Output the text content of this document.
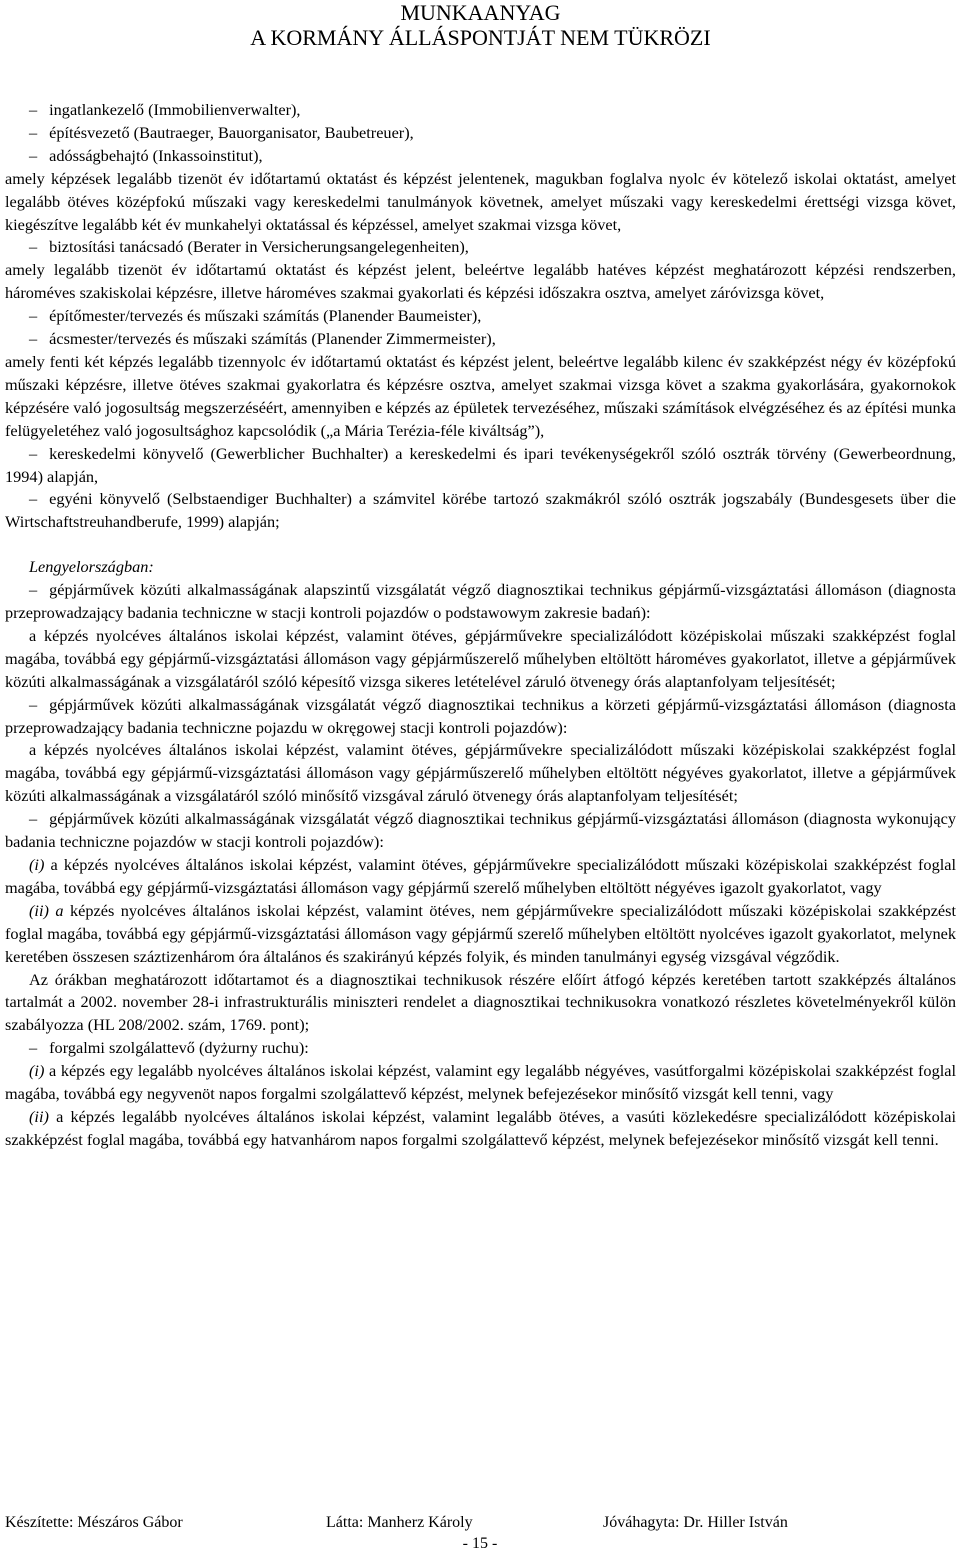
MUNKAANYAG
A KORMÁNY ÁLLÁSPONTJÁT NEM TÜKRÖZI

– ingatlankezelő (Immobilienverwalter),

– építésvezető (Bautraeger, Bauorganisator, Baubetreuer),

– adósságbehajtó (Inkassoinstitut),

amely képzések legalább tizenöt év időtartamú oktatást és képzést jelentenek, magukban foglalva nyolc év kötelező iskolai oktatást, amelyet legalább ötéves középfokú műszaki vagy kereskedelmi tanulmányok követnek, amelyet műszaki vagy kereskedelmi érettségi vizsga követ, kiegészítve legalább két év munkahelyi oktatással és képzéssel, amelyet szakmai vizsga követ,

– biztosítási tanácsadó (Berater in Versicherungsangelegenheiten),

amely legalább tizenöt év időtartamú oktatást és képzést jelent, beleértve legalább hatéves képzést meghatározott képzési rendszerben, hároméves szakiskolai képzésre, illetve hároméves szakmai gyakorlati és képzési időszakra osztva, amelyet záróvizsga követ,

– építőmester/tervezés és műszaki számítás (Planender Baumeister),

– ácsmester/tervezés és műszaki számítás (Planender Zimmermeister),

amely fenti két képzés legalább tizennyolc év időtartamú oktatást és képzést jelent, beleértve legalább kilenc év szakképzést négy év középfokú műszaki képzésre, illetve ötéves szakmai gyakorlatra és képzésre osztva, amelyet szakmai vizsga követ a szakma gyakorlására, gyakornokok képzésére való jogosultság megszerzéséért, amennyiben e képzés az épületek tervezéséhez, műszaki számítások elvégzéséhez és az építési munka felügyeletéhez való jogosultsághoz kapcsolódik („a Mária Terézia-féle kiváltság”),

– kereskedelmi könyvelő (Gewerblicher Buchhalter) a kereskedelmi és ipari tevékenységekről szóló osztrák törvény (Gewerbeordnung, 1994) alapján,

– egyéni könyvelő (Selbstaendiger Buchhalter) a számvitel körébe tartozó szakmákról szóló osztrák jogszabály (Bundesgesets über die Wirtschaftstreuhandberufe, 1999) alapján;

Lengyelországban:

– gépjárművek közúti alkalmasságának alapszintű vizsgálatát végző diagnosztikai technikus gépjármű-vizsgáztatási állomáson (diagnosta przeprowadzający badania techniczne w stacji kontroli pojazdów o podstawowym zakresie badań):

a képzés nyolcéves általános iskolai képzést, valamint ötéves, gépjárművekre specializálódott középiskolai műszaki szakképzést foglal magába, továbbá egy gépjármű-vizsgáztatási állomáson vagy gépjárműszerelő műhelyben eltöltött hároméves gyakorlatot, illetve a gépjárművek közúti alkalmasságának a vizsgálatáról szóló képesítő vizsga sikeres letételével záruló ötvenegy órás alaptanfolyam teljesítését;

– gépjárművek közúti alkalmasságának vizsgálatát végző diagnosztikai technikus a körzeti gépjármű-vizsgáztatási állomáson (diagnosta przeprowadzający badania techniczne pojazdu w okręgowej stacji kontroli pojazdów):

a képzés nyolcéves általános iskolai képzést, valamint ötéves, gépjárművekre specializálódott műszaki középiskolai szakképzést foglal magába, továbbá egy gépjármű-vizsgáztatási állomáson vagy gépjárműszerelő műhelyben eltöltött négyéves gyakorlatot, illetve a gépjárművek közúti alkalmasságának a vizsgálatáról szóló minősítő vizsgával záruló ötvenegy órás alaptanfolyam teljesítését;

– gépjárművek közúti alkalmasságának vizsgálatát végző diagnosztikai technikus gépjármű-vizsgáztatási állomáson (diagnosta wykonujący badania techniczne pojazdów w stacji kontroli pojazdów):

(i) a képzés nyolcéves általános iskolai képzést, valamint ötéves, gépjárművekre specializálódott műszaki középiskolai szakképzést foglal magába, továbbá egy gépjármű-vizsgáztatási állomáson vagy gépjármű szerelő műhelyben eltöltött négyéves igazolt gyakorlatot, vagy

(ii) a képzés nyolcéves általános iskolai képzést, valamint ötéves, nem gépjárművekre specializálódott műszaki középiskolai szakképzést foglal magába, továbbá egy gépjármű-vizsgáztatási állomáson vagy gépjármű szerelő műhelyben eltöltött nyolcéves igazolt gyakorlatot, melynek keretében összesen száztizenhárom óra általános és szakirányú képzés folyik, és minden tanulmányi egység vizsgával végződik.

Az órákban meghatározott időtartamot és a diagnosztikai technikusok részére előírt átfogó képzés keretében tartott szakképzés általános tartalmát a 2002. november 28-i infrastrukturális miniszteri rendelet a diagnosztikai technikusokra vonatkozó részletes követelményekről külön szabályozza (HL 208/2002. szám, 1769. pont);

– forgalmi szolgálattevő (dyżurny ruchu):

(i) a képzés egy legalább nyolcéves általános iskolai képzést, valamint egy legalább négyéves, vasútforgalmi középiskolai szakképzést foglal magába, továbbá egy negyvenöt napos forgalmi szolgálattevő képzést, melynek befejezésekor minősítő vizsgát kell tenni, vagy

(ii) a képzés legalább nyolcéves általános iskolai képzést, valamint legalább ötéves, a vasúti közlekedésre specializálódott középiskolai szakképzést foglal magába, továbbá egy hatvanhárom napos forgalmi szolgálattevő képzést, melynek befejezésekor minősítő vizsgát kell tenni.

Készítette: Mészáros Gábor	Látta: Manherz Károly	Jóváhagyta: Dr. Hiller István
- 15 -
